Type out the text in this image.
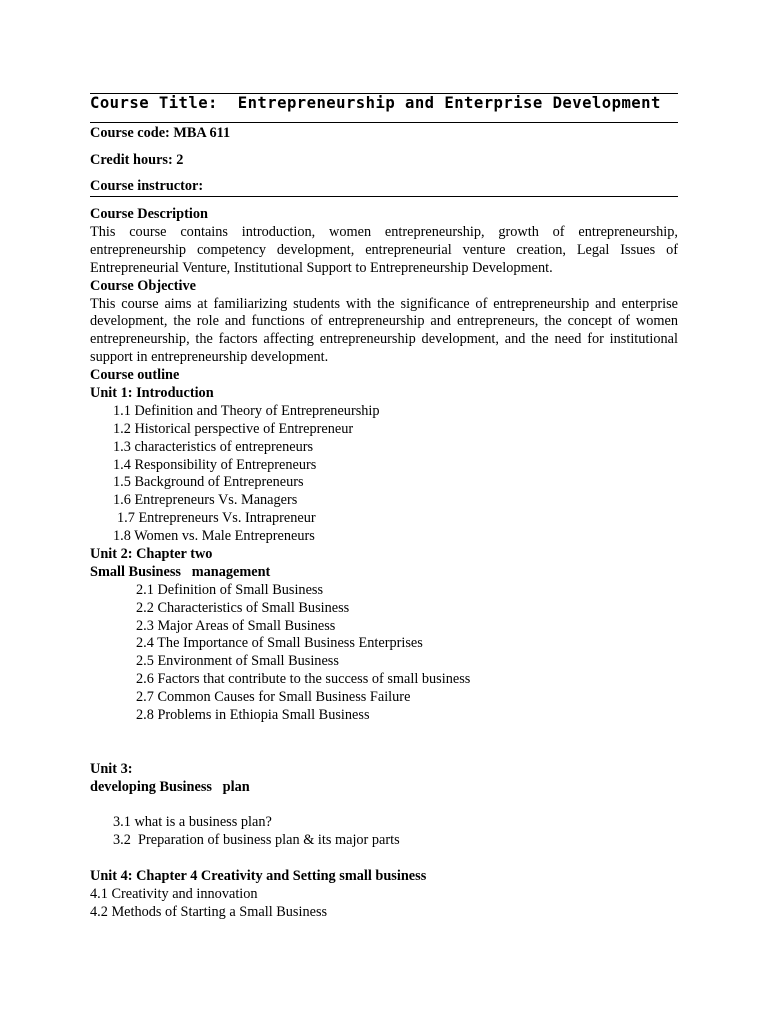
Course Title: Entrepreneurship and Enterprise Development
Course code: MBA 611
Credit hours: 2
Course instructor:
Course Description
This course contains introduction, women entrepreneurship, growth of entrepreneurship, entrepreneurship competency development, entrepreneurial venture creation, Legal Issues of Entrepreneurial Venture, Institutional Support to Entrepreneurship Development.
Course Objective
This course aims at familiarizing students with the significance of entrepreneurship and enterprise development, the role and functions of entrepreneurship and entrepreneurs, the concept of women entrepreneurship, the factors affecting entrepreneurship development, and the need for institutional support in entrepreneurship development.
Course outline
Unit 1: Introduction
1.1 Definition and Theory of Entrepreneurship
1.2 Historical perspective of Entrepreneur
1.3 characteristics of entrepreneurs
1.4 Responsibility of Entrepreneurs
1.5 Background of Entrepreneurs
1.6 Entrepreneurs Vs. Managers
1.7 Entrepreneurs Vs. Intrapreneur
1.8 Women vs. Male Entrepreneurs
Unit 2: Chapter two
Small Business   management
2.1 Definition of Small Business
2.2 Characteristics of Small Business
2.3 Major Areas of Small Business
2.4 The Importance of Small Business Enterprises
2.5 Environment of Small Business
2.6 Factors that contribute to the success of small business
2.7 Common Causes for Small Business Failure
2.8 Problems in Ethiopia Small Business
Unit 3:
developing Business   plan
3.1 what is a business plan?
3.2  Preparation of business plan & its major parts
Unit 4: Chapter 4 Creativity and Setting small business
4.1 Creativity and innovation
4.2 Methods of Starting a Small Business
